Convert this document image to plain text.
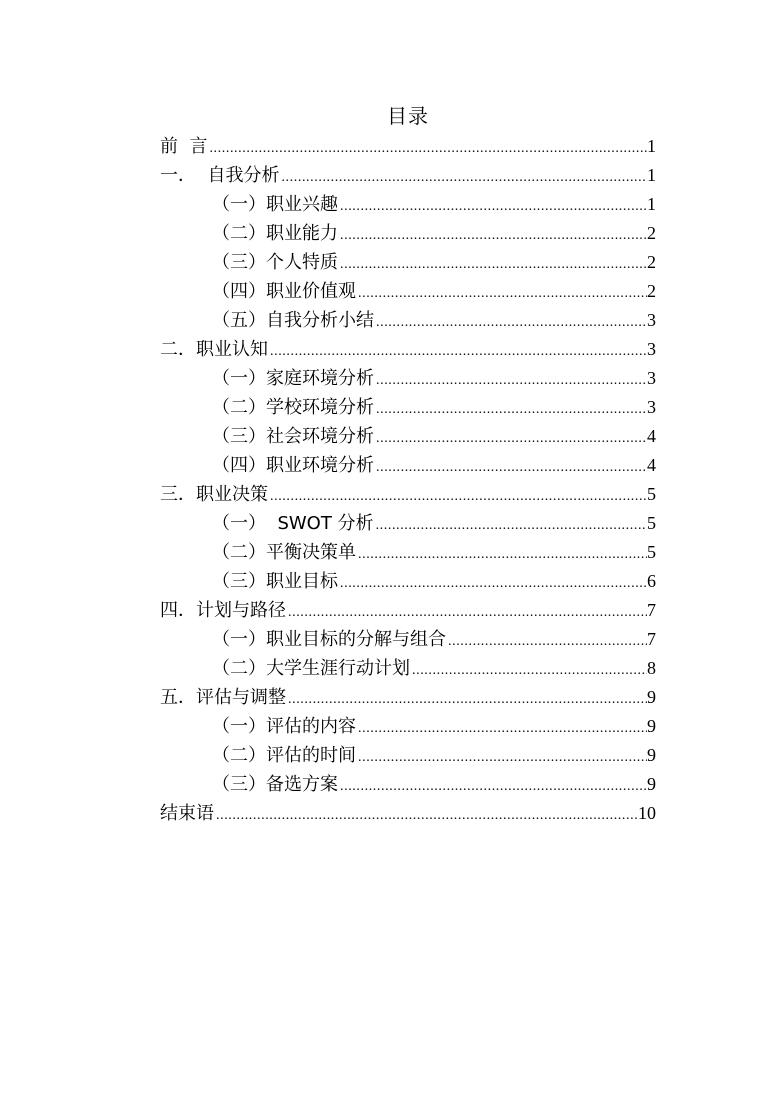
目录
前  言 .....	1
一．  自我分析 .....	1
（一）职业兴趣 .....	1
（二）职业能力 .....	2
（三）个人特质 .....	2
（四）职业价值观 .....	2
（五）自我分析小结 .....	3
二．职业认知 .....	3
（一）家庭环境分析 .....	3
（二）学校环境分析 .....	3
（三）社会环境分析 .....	4
（四）职业环境分析 .....	4
三．职业决策 .....	5
（一）  SWOT 分析 .....	5
（二）平衡决策单 .....	5
（三）职业目标 .....	6
四．计划与路径 .....	7
（一）职业目标的分解与组合 .....	7
（二）大学生涯行动计划 .....	8
五．评估与调整 .....	9
（一）评估的内容 .....	9
（二）评估的时间 .....	9
（三）备选方案 .....	9
结束语 .....	10
